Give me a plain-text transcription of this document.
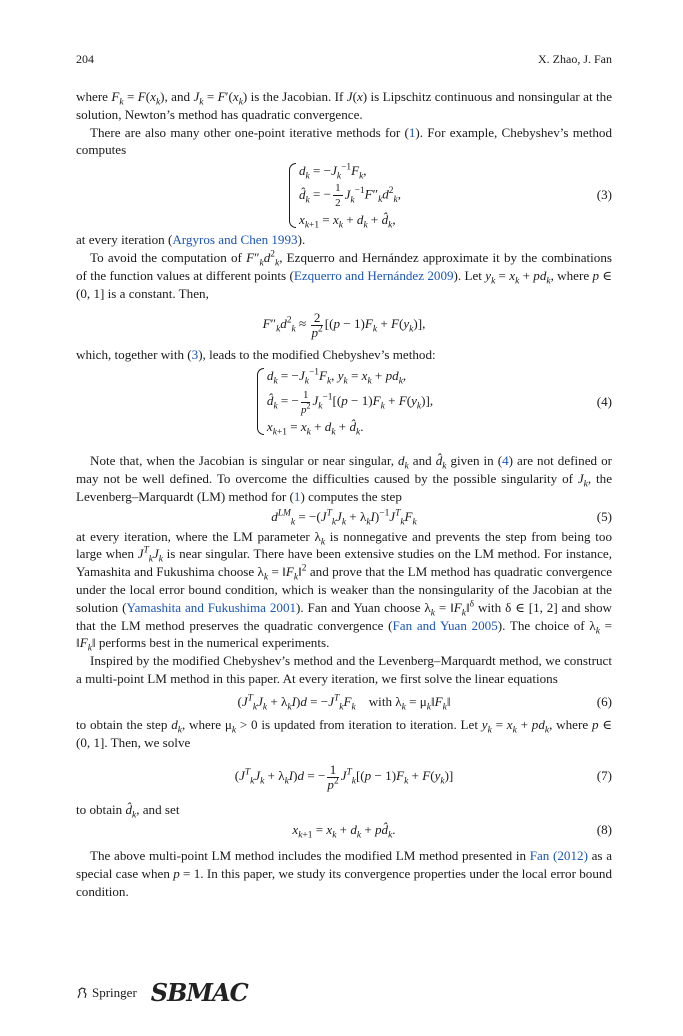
204	X. Zhao, J. Fan

where $F_k = F(x_k)$, and $J_k = F'(x_k)$ is the Jacobian. If J(x) is Lipschitz continuous and nonsingular at the solution, Newton’s method has quadratic convergence.

There are also many other one-point iterative methods for (1). For example, Chebyshev’s method computes

$d_k = -J_k^{-1}F_k$,
$d̂_k$ = − $\frac{1}{2} J_k^{-1}F''_kd^2_k$,
$x_{k+1} = x_k + d_k$ + $d̂_k$,
(3)

at every iteration (Argyros and Chen 1993).

To avoid the computation of $F''_kd^2_k$, Ezquerro and Hernández approximate it by the combinations of the function values at different points (Ezquerro and Hernández 2009). Let $y_k = x_k + pd_k$, where p ∈ (0, 1] is a constant. Then,

$F''_kd^2_k \approx \frac{2}{p^2} [(p - 1)F_k + F(y_k)]$,

which, together with (3), leads to the modified Chebyshev’s method:

$d_k = -J_k^{-1}F_k$, $y_k = x_k + pd_k$,
$d̂_k$ = − $\frac{1}{p^2} J_k^{-1}[(p - 1)F_k + F(y_k)]$,
$x_{k+1} = x_k + d_k$ + $d̂_k$.
(4)

Note that, when the Jacobian is singular or near singular, $d_k$ and $d̂_k$ given in (4) are not defined or may not be well defined. To overcome the difficulties caused by the possible singularity of $J_k$, the Levenberg–Marquardt (LM) method for (1) computes the step

$d^{LM}_k = -(J^T_kJ_k + \lambda_kI)^{-1}J^T_kF_k$	(5)

at every iteration, where the LM parameter $\lambda_k$ is nonnegative and prevents the step from being too large when $J^T_kJ_k$ is near singular. There have been extensive studies on the LM method. For instance, Yamashita and Fukushima choose $\lambda_k$ = $‖F_k‖^2$ and prove that the LM method has quadratic convergence under the local error bound condition, which is weaker than the nonsingularity of the Jacobian at the solution (Yamashita and Fukushima 2001). Fan and Yuan choose $\lambda_k$ = $‖F_k‖^\delta$ with δ ∈ [1, 2] and show that the LM method preserves the quadratic convergence (Fan and Yuan 2005). The choice of $\lambda_k$ = $‖F_k‖$ performs best in the numerical experiments.

Inspired by the modified Chebyshev’s method and the Levenberg–Marquardt method, we construct a multi-point LM method in this paper. At every iteration, we first solve the linear equations

$(J^T_kJ_k + \lambda_kI)d = -J^T_kF_k$    with $\lambda_k$ = $\mu_k‖F_k‖$	(6)

to obtain the step $d_k$, where $\mu_k > 0$ is updated from iteration to iteration. Let $y_k = x_k + pd_k$, where p ∈ (0, 1]. Then, we solve

$(J^T_kJ_k + \lambda_kI)d$ = − $\frac{1}{p^2} J^T_k[(p - 1)F_k + F(y_k)]$	(7)

to obtain $d̂_k$, and set

$x_{k+1} = x_k + d_k$ + $pd̂_k$.	(8)

The above multi-point LM method includes the modified LM method presented in Fan (2012) as a special case when p = 1. In this paper, we study its convergence properties under the local error bound condition.

Springer SBMAC
